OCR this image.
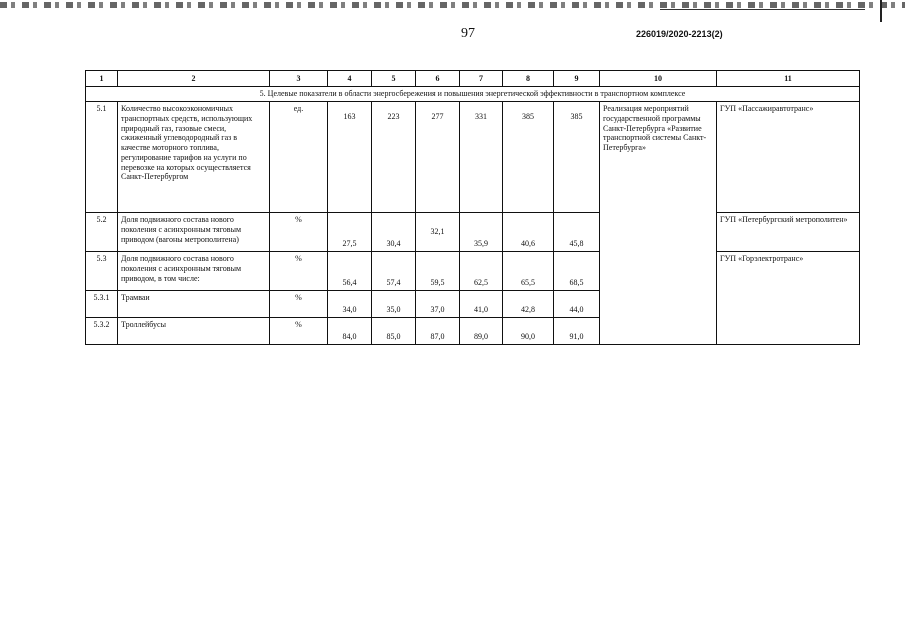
97	226019/2020-2213(2)
1	2	3	4	5	6	7	8	9	10	11
5. Целевые показатели в области энергосбережения и повышения энергетической эффективности в транспортном комплексе										
5.1	Количество высокоэкономичных транспортных средств, использующих природный газ, газовые смеси, сжиженный углеводородный газ в качестве моторного топлива, регулирование тарифов на услуги по перевозке на которых осуществляется Санкт-Петербургом	ед.	163	223	277	331	385	385	Реализация мероприятий государственной программы Санкт-Петербурга «Развитие транспортной системы Санкт-Петербурга»	ГУП «Пассажиравтотранс»
5.2	Доля подвижного состава нового поколения с асинхронным тяговым приводом (вагоны метрополитена)	%	27,5	30,4	32,1	35,9	40,6	45,8		ГУП «Петербургский метрополитен»
5.3	Доля подвижного состава нового поколения с асинхронным тяговым приводом, в том числе:	%	56,4	57,4	59,5	62,5	65,5	68,5		ГУП «Горэлектротранс»
5.3.1	Трамваи	%	34,0	35,0	37,0	41,0	42,8	44,0		
5.3.2	Троллейбусы	%	84,0	85,0	87,0	89,0	90,0	91,0		
